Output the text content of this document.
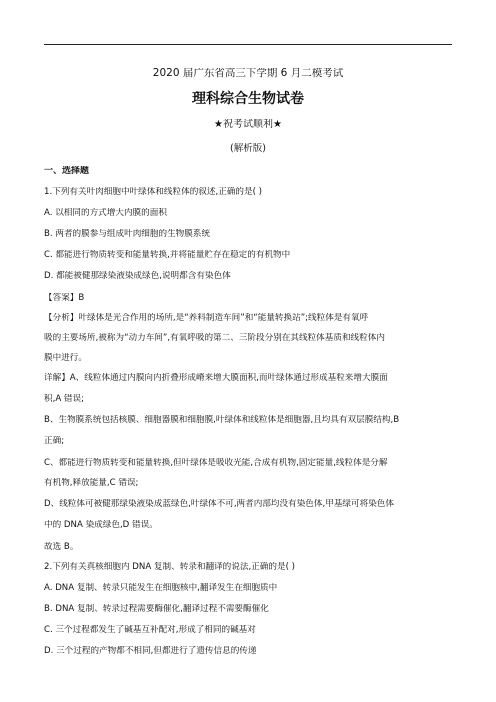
2020 届广东省高三下学期 6 月二模考试
理科综合生物试卷
★祝考试顺利★
(解析版)
一、选择题
1.下列有关叶肉细胞中叶绿体和线粒体的叙述,正确的是( )
A. 以相同的方式增大内膜的面积
B. 两者的膜参与组成叶肉细胞的生物膜系统
C. 都能进行物质转变和能量转换,并将能量贮存在稳定的有机物中
D. 都能被健那绿染液染成绿色,说明都含有染色体
【答案】B
【分析】叶绿体是光合作用的场所,是“养料制造车间”和“能量转换站”;线粒体是有氧呼
吸的主要场所,被称为“动力车间”,有氧呼吸的第二、三阶段分别在其线粒体基质和线粒体内
膜中进行。
详解】A、线粒体通过内膜向内折叠形成嵴来增大膜面积,而叶绿体通过形成基粒来增大膜面
积,A 错误;
B、生物膜系统包括核膜、细胞器膜和细胞膜,叶绿体和线粒体是细胞器,且均具有双层膜结构,B
正确;
C、都能进行物质转变和能量转换,但叶绿体是吸收光能,合成有机物,固定能量,线粒体是分解
有机物,释放能量,C 错误;
D、线粒体可被健那绿染液染成蓝绿色,叶绿体不可,两者内部均没有染色体,甲基绿可将染色体
中的 DNA 染成绿色,D 错误。
故选 B。
2.下列有关真核细胞内 DNA 复制、转录和翻译的说法,正确的是( )
A. DNA 复制、转录只能发生在细胞核中,翻译发生在细胞质中
B. DNA 复制、转录过程需要酶催化,翻译过程不需要酶催化
C. 三个过程都发生了碱基互补配对,形成了相同的碱基对
D. 三个过程的产物都不相同,但都进行了遗传信息的传递
